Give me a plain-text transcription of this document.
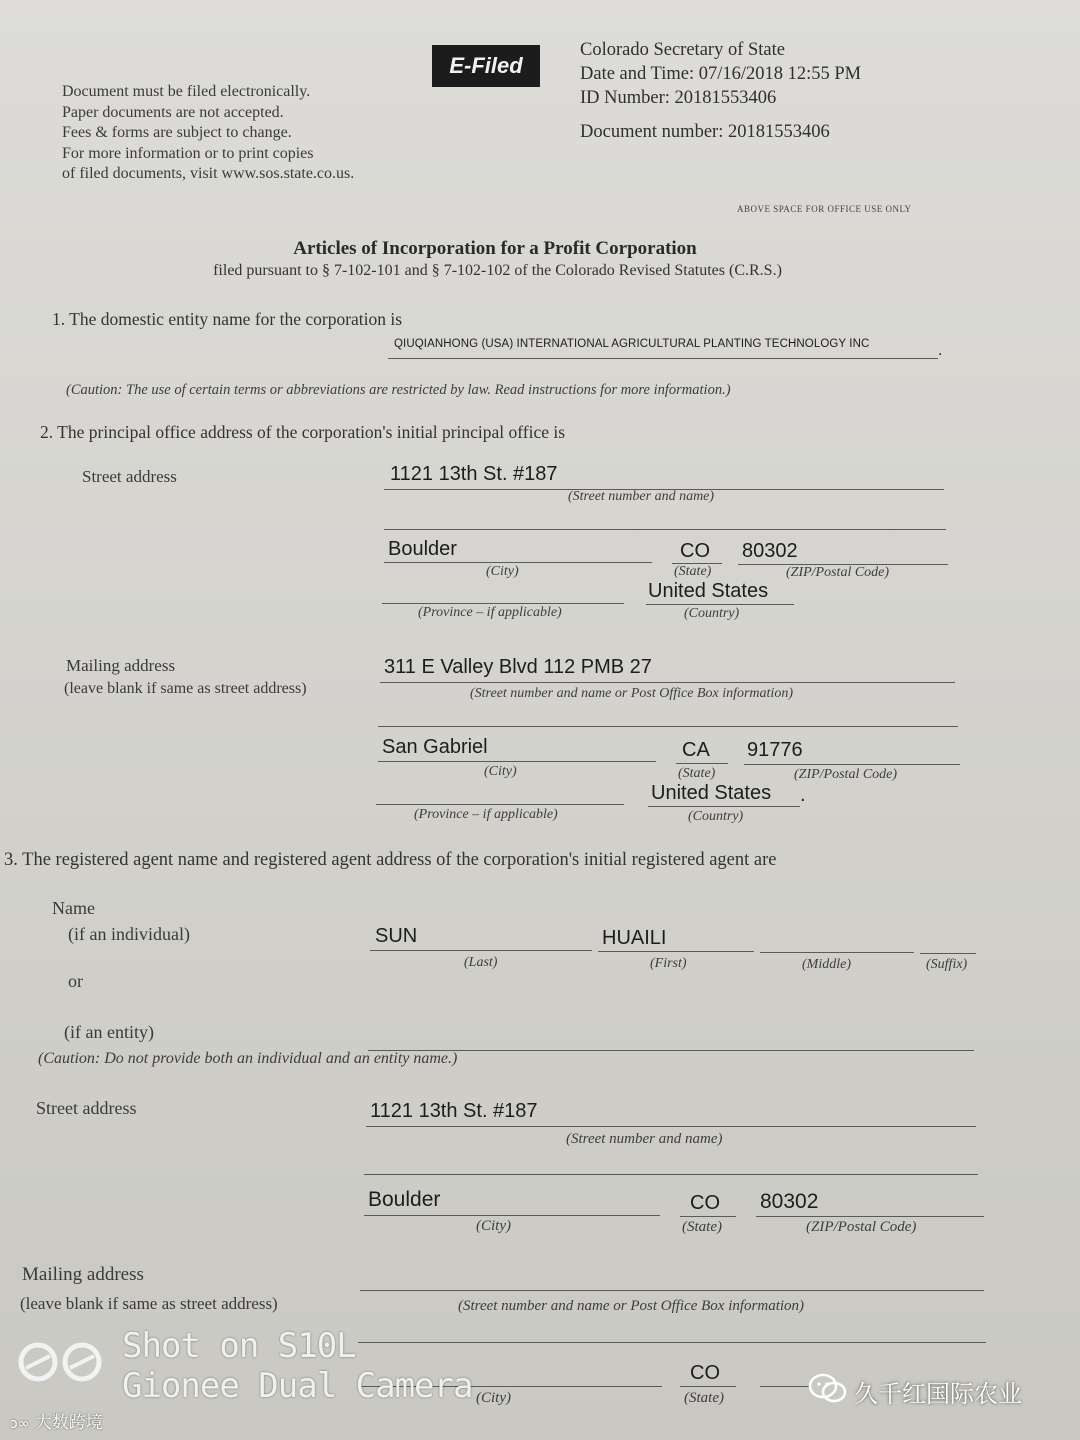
Document must be filed electronically.
Paper documents are not accepted.
Fees & forms are subject to change.
For more information or to print copies
of filed documents, visit www.sos.state.co.us.
E-Filed
Colorado Secretary of State
Date and Time: 07/16/2018 12:55 PM
ID Number: 20181553406
Document number: 20181553406
ABOVE SPACE FOR OFFICE USE ONLY
Articles of Incorporation for a Profit Corporation
filed pursuant to § 7-102-101 and § 7-102-102 of the Colorado Revised Statutes (C.R.S.)
1. The domestic entity name for the corporation is
QIUQIANHONG (USA) INTERNATIONAL AGRICULTURAL PLANTING TECHNOLOGY INC	.
(Caution: The use of certain terms or abbreviations are restricted by law. Read instructions for more information.)
2. The principal office address of the corporation's initial principal office is
Street address	1121 13th St. #187
(Street number and name)
Boulder	CO 80302
(City)	(State)	(ZIP/Postal Code)
United States
(Province – if applicable)	(Country)
Mailing address
(leave blank if same as street address)
311 E Valley Blvd 112 PMB 27
(Street number and name or Post Office Box information)
San Gabriel	CA 91776
(City)	(State)	(ZIP/Postal Code)
United States .
(Province – if applicable)	(Country)
3. The registered agent name and registered agent address of the corporation's initial registered agent are
Name
(if an individual)	SUN	HUAILI
(Last)	(First)	(Middle)	(Suffix)
or
(if an entity)
(Caution: Do not provide both an individual and an entity name.)
Street address	1121 13th St. #187
(Street number and name)
Boulder	CO 80302
(City)	(State)	(ZIP/Postal Code)
Mailing address
(leave blank if same as street address)	(Street number and name or Post Office Box information)
CO
(City)	(State)
Shot on S10L
Gionee Dual Camera	久千红国际农业
ↄ∞ 大数跨境
